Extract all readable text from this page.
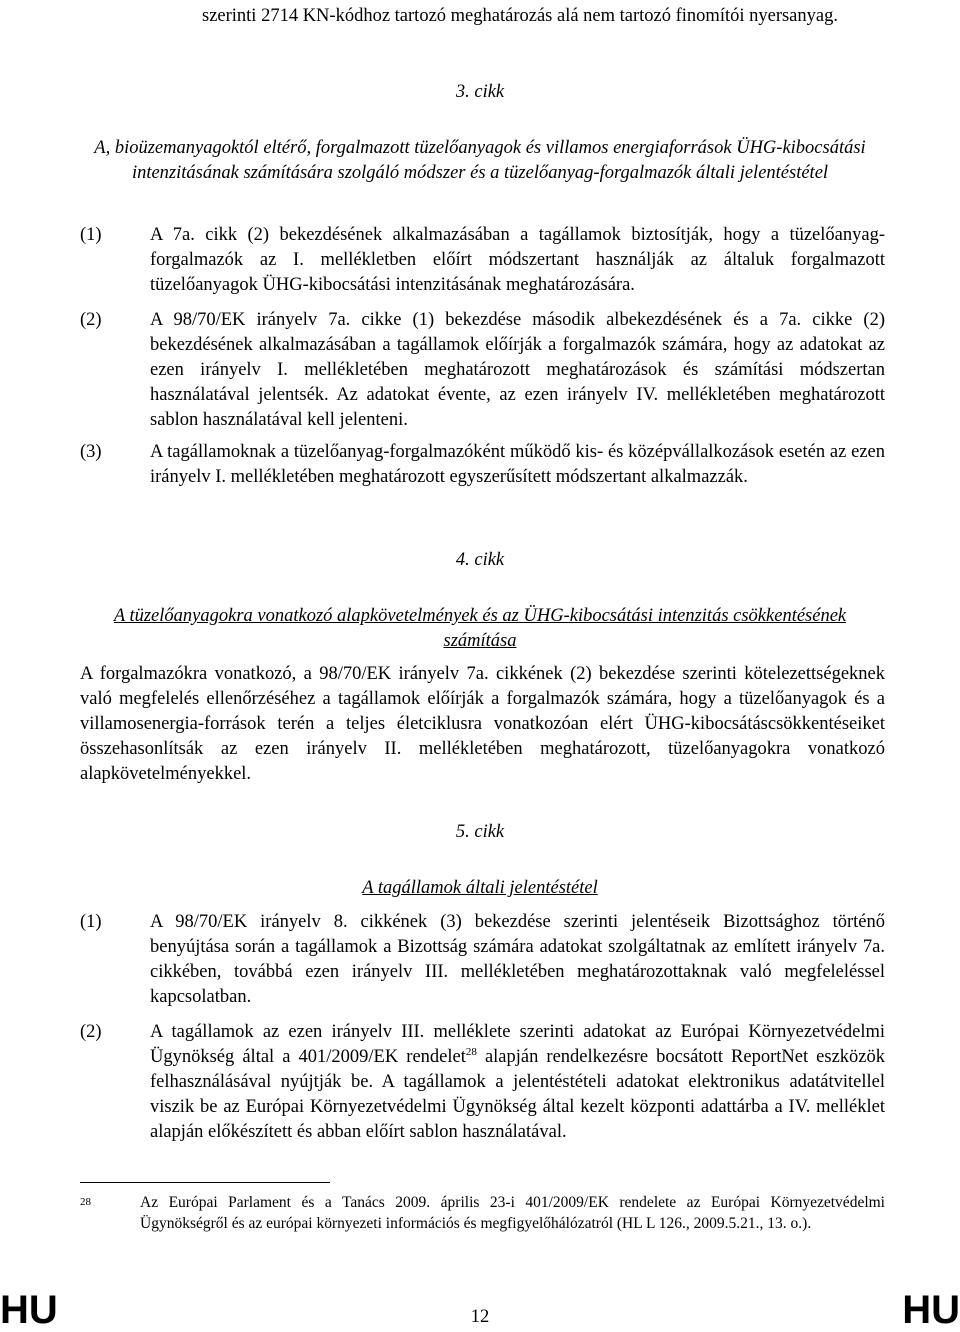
szerinti 2714 KN-kódhoz tartozó meghatározás alá nem tartozó finomítói nyersanyag.

3. cikk
A, bioüzemanyagoktól eltérő, forgalmazott tüzelőanyagok és villamos energiaforrások ÜHG-kibocsátási intenzitásának számítására szolgáló módszer és a tüzelőanyag-forgalmazók általi jelentéstétel
(1)	A 7a. cikk (2) bekezdésének alkalmazásában a tagállamok biztosítják, hogy a tüzelőanyag-forgalmazók az I. mellékletben előírt módszertant használják az általuk forgalmazott tüzelőanyagok ÜHG-kibocsátási intenzitásának meghatározására.
(2)	A 98/70/EK irányelv 7a. cikke (1) bekezdése második albekezdésének és a 7a. cikke (2) bekezdésének alkalmazásában a tagállamok előírják a forgalmazók számára, hogy az adatokat az ezen irányelv I. mellékletében meghatározott meghatározások és számítási módszertan használatával jelentsék. Az adatokat évente, az ezen irányelv IV. mellékletében meghatározott sablon használatával kell jelenteni.
(3)	A tagállamoknak a tüzelőanyag-forgalmazóként működő kis- és középvállalkozások esetén az ezen irányelv I. mellékletében meghatározott egyszerűsített módszertant alkalmazzák.
4. cikk
A tüzelőanyagokra vonatkozó alapkövetelmények és az ÜHG-kibocsátási intenzitás csökkentésének számítása

A forgalmazókra vonatkozó, a 98/70/EK irányelv 7a. cikkének (2) bekezdése szerinti kötelezettségeknek való megfelelés ellenőrzéséhez a tagállamok előírják a forgalmazók számára, hogy a tüzelőanyagok és a villamosenergia-források terén a teljes életciklusra vonatkozóan elért ÜHG-kibocsátáscsökkentéseiket összehasonlítsák az ezen irányelv II. mellékletében meghatározott, tüzelőanyagokra vonatkozó alapkövetelményekkel.

5. cikk
A tagállamok általi jelentéstétel
(1)	A 98/70/EK irányelv 8. cikkének (3) bekezdése szerinti jelentéseik Bizottsághoz történő benyújtása során a tagállamok a Bizottság számára adatokat szolgáltatnak az említett irányelv 7a. cikkében, továbbá ezen irányelv III. mellékletében meghatározottaknak való megfeleléssel kapcsolatban.
(2)	A tagállamok az ezen irányelv III. melléklete szerinti adatokat az Európai Környezetvédelmi Ügynökség által a 401/2009/EK rendelet$^{28}$ alapján rendelkezésre bocsátott ReportNet eszközök felhasználásával nyújtják be. A tagállamok a jelentéstételi adatokat elektronikus adatátvitellel viszik be az Európai Környezetvédelmi Ügynökség által kezelt központi adattárba a IV. melléklet alapján előkészített és abban előírt sablon használatával.
28	Az Európai Parlament és a Tanács 2009. április 23-i 401/2009/EK rendelete az Európai Környezetvédelmi Ügynökségről és az európai környezeti információs és megfigyelőhálózatról (HL L 126., 2009.5.21., 13. o.).
HU	12	HU
